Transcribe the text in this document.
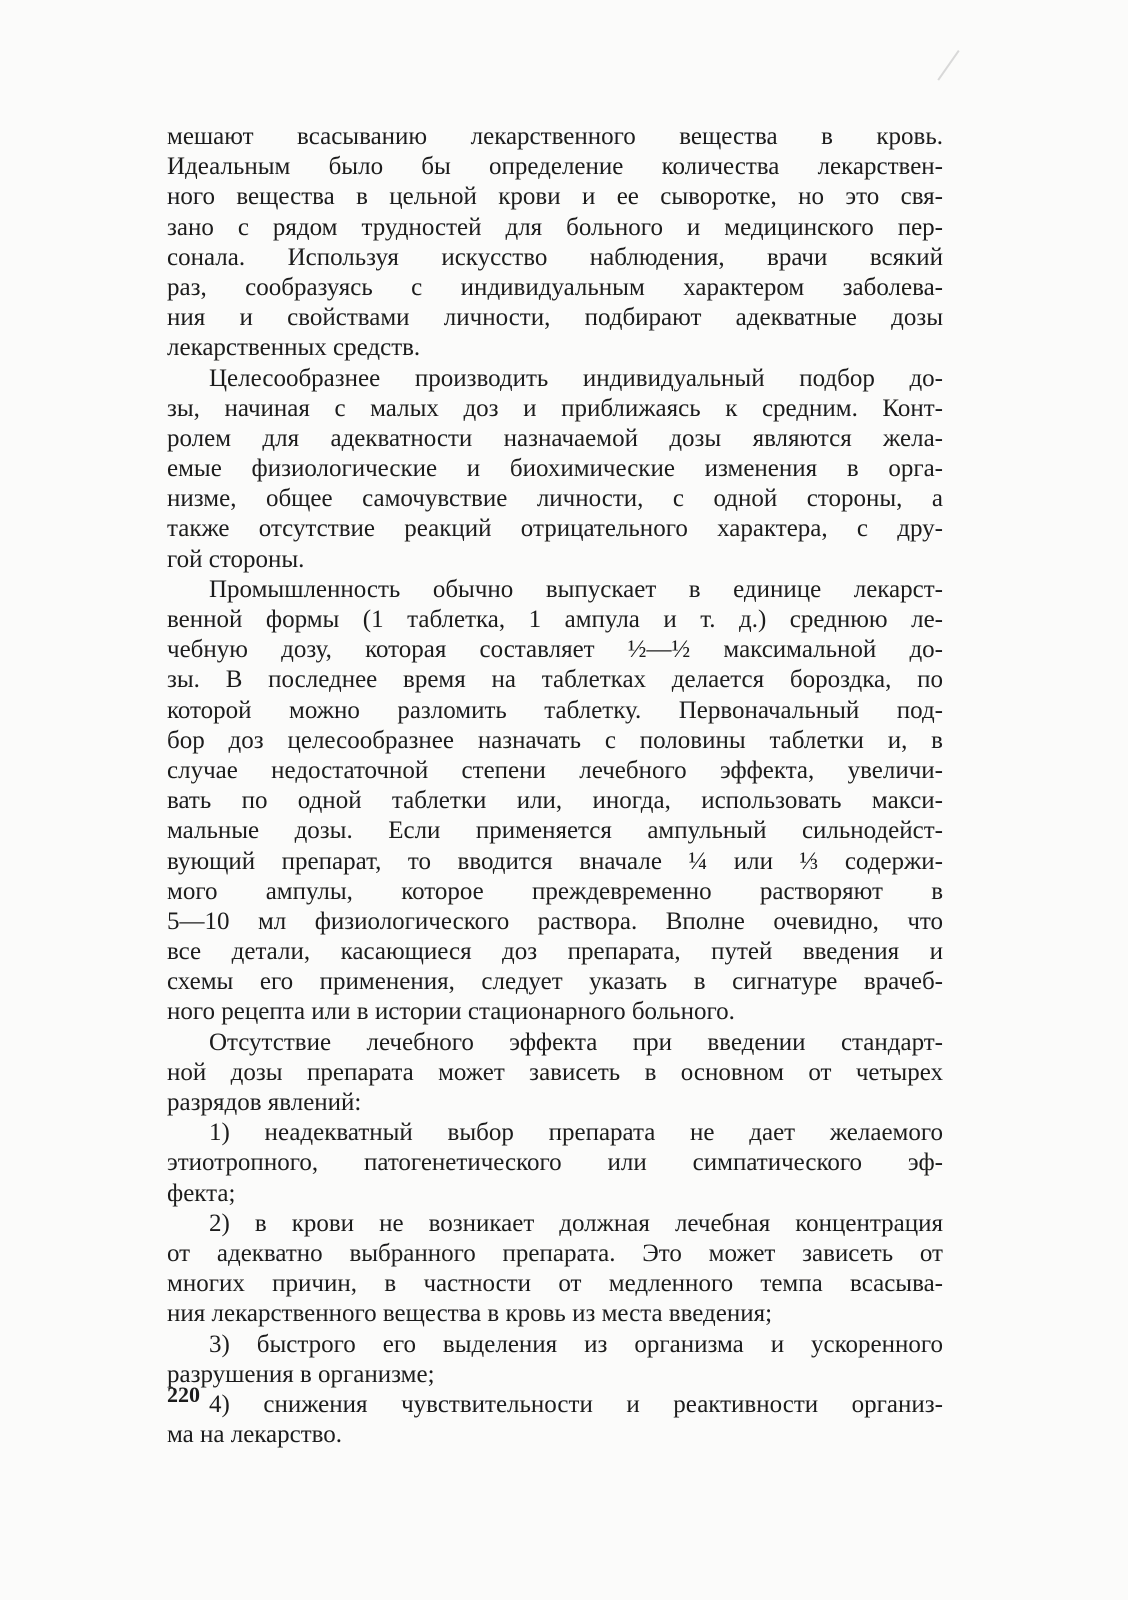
мешают всасыванию лекарственного вещества в кровь.
Идеальным было бы определение количества лекарствен-
ного вещества в цельной крови и ее сыворотке, но это свя-
зано с рядом трудностей для больного и медицинского пер-
сонала. Используя искусство наблюдения, врачи всякий
раз, сообразуясь с индивидуальным характером заболева-
ния и свойствами личности, подбирают адекватные дозы
лекарственных средств.
Целесообразнее производить индивидуальный подбор до-
зы, начиная с малых доз и приближаясь к средним. Конт-
ролем для адекватности назначаемой дозы являются жела-
емые физиологические и биохимические изменения в орга-
низме, общее самочувствие личности, с одной стороны, а
также отсутствие реакций отрицательного характера, с дру-
гой стороны.
Промышленность обычно выпускает в единице лекарст-
венной формы (1 таблетка, 1 ампула и т. д.) среднюю ле-
чебную дозу, которая составляет ½—½ максимальной до-
зы. В последнее время на таблетках делается бороздка, по
которой можно разломить таблетку. Первоначальный под-
бор доз целесообразнее назначать с половины таблетки и, в
случае недостаточной степени лечебного эффекта, увеличи-
вать по одной таблетки или, иногда, использовать макси-
мальные дозы. Если применяется ампульный сильнодейст-
вующий препарат, то вводится вначале ¼ или ⅓ содержи-
мого ампулы, которое преждевременно растворяют в
5—10 мл физиологического раствора. Вполне очевидно, что
все детали, касающиеся доз препарата, путей введения и
схемы его применения, следует указать в сигнатуре врачеб-
ного рецепта или в истории стационарного больного.
Отсутствие лечебного эффекта при введении стандарт-
ной дозы препарата может зависеть в основном от четырех
разрядов явлений:
1) неадекватный выбор препарата не дает желаемого
этиотропного, патогенетического или симпатического эф-
фекта;
2) в крови не возникает должная лечебная концентрация
от адекватно выбранного препарата. Это может зависеть от
многих причин, в частности от медленного темпа всасыва-
ния лекарственного вещества в кровь из места введения;
3) быстрого его выделения из организма и ускоренного
разрушения в организме;
4) снижения чувствительности и реактивности организ-
ма на лекарство.
220
